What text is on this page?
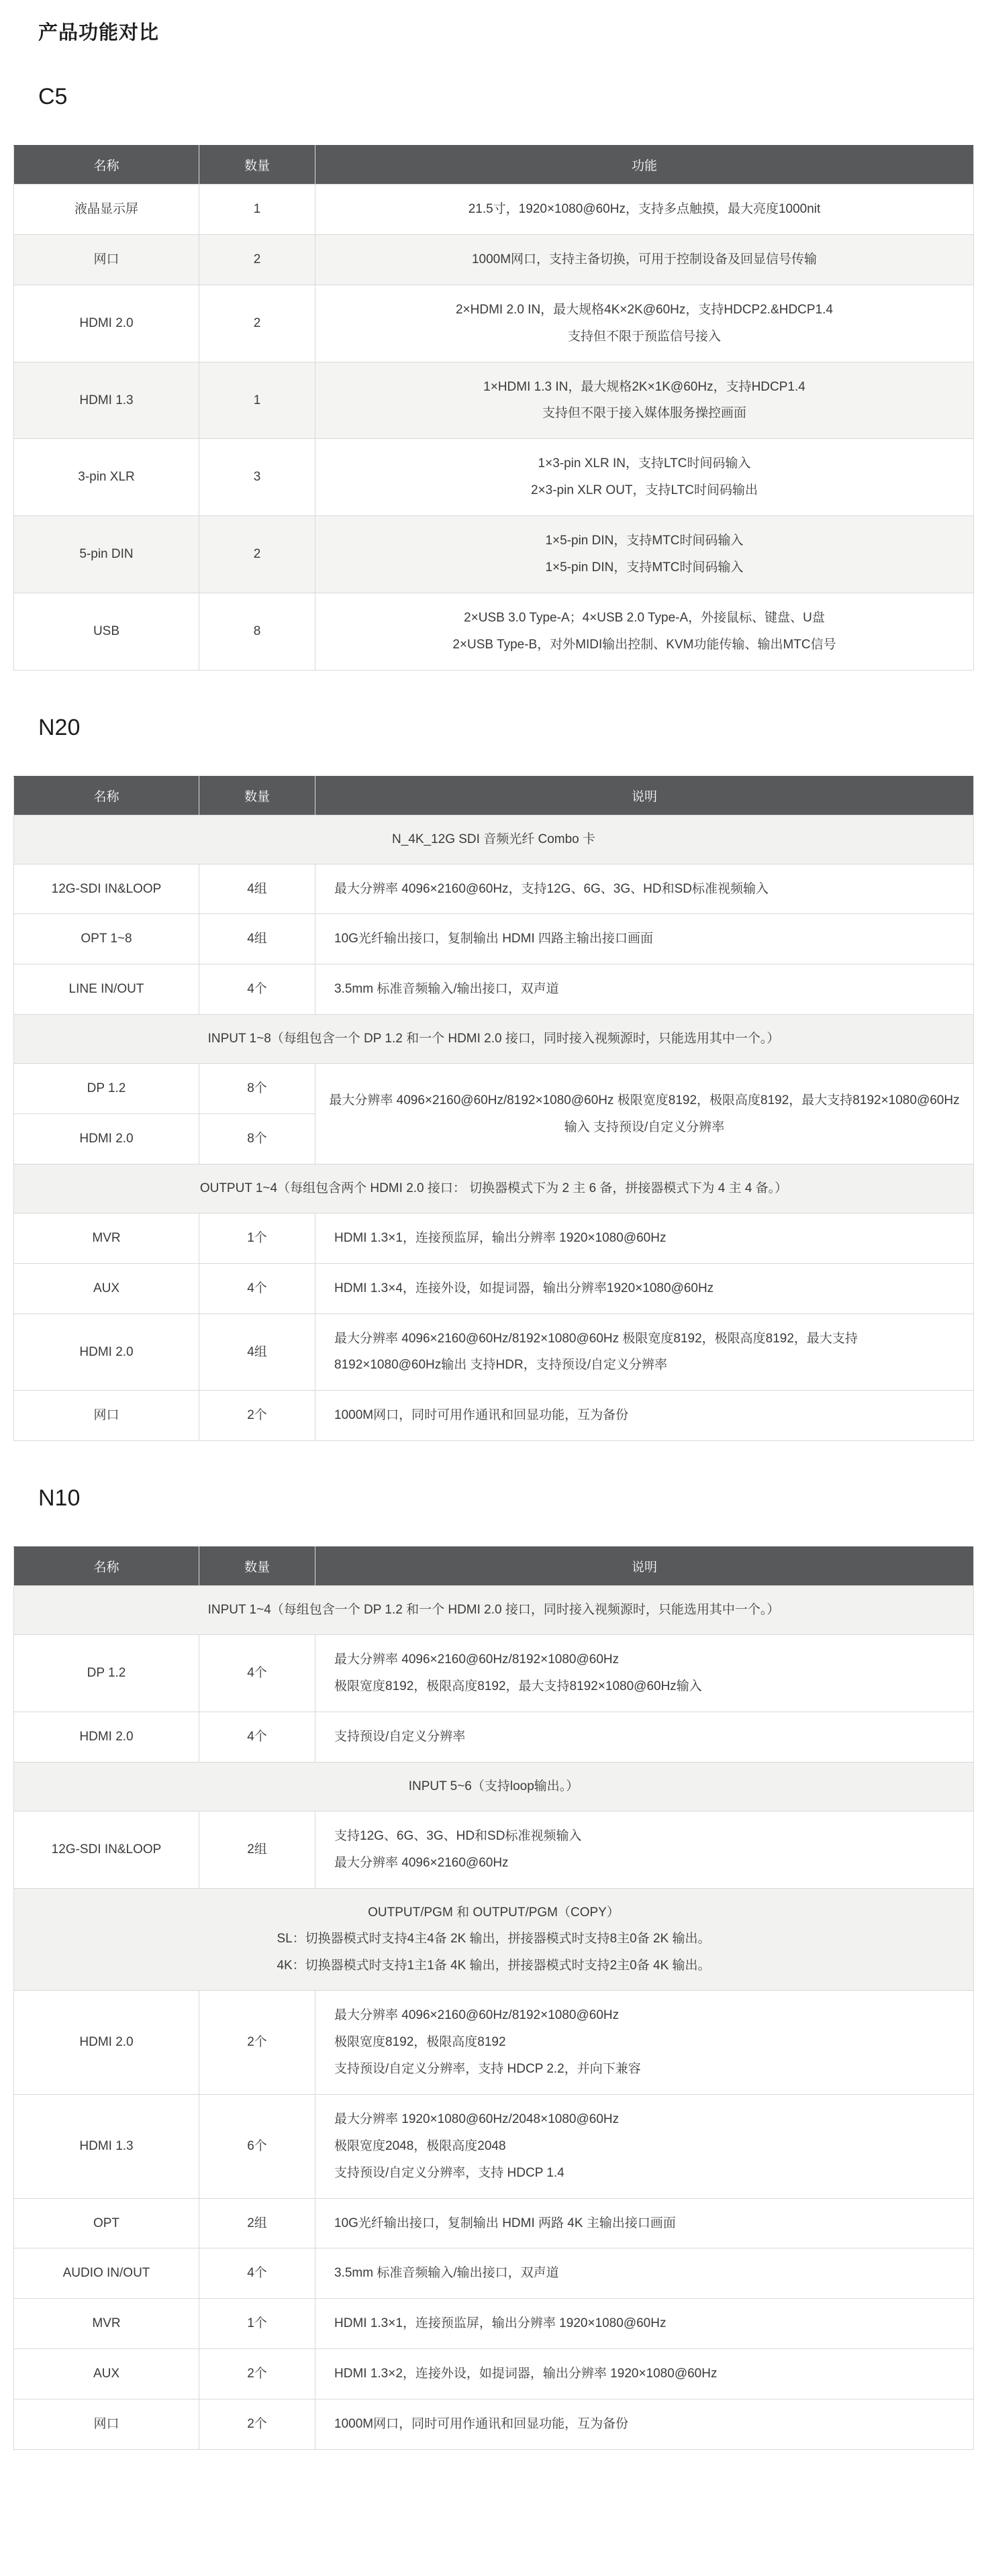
产品功能对比
C5
名称	数量	功能
液晶显示屏	1	21.5寸，1920×1080@60Hz，支持多点触摸，最大亮度1000nit

网口	2	1000M网口，支持主备切换，可用于控制设备及回显信号传输

HDMI 2.0	2	2×HDMI 2.0 IN，最大规格4K×2K@60Hz，支持HDCP2.&HDCP1.4
支持但不限于预监信号接入

HDMI 1.3	1	1×HDMI 1.3 IN，最大规格2K×1K@60Hz，支持HDCP1.4
支持但不限于接入媒体服务操控画面

3-pin XLR	3	1×3-pin XLR IN，支持LTC时间码输入
2×3-pin XLR OUT，支持LTC时间码输出

5-pin DIN	2	1×5-pin DIN，支持MTC时间码输入
1×5-pin DIN，支持MTC时间码输入

USB	8	2×USB 3.0 Type-A；4×USB 2.0 Type-A，外接鼠标、键盘、U盘
2×USB Type-B，对外MIDI输出控制、KVM功能传输、输出MTC信号
N20
名称	数量	说明

N_4K_12G SDI 音频光纤 Combo 卡		

12G-SDI IN&LOOP	4组	最大分辨率 4096×2160@60Hz，支持12G、6G、3G、HD和SD标准视频输入

OPT 1~8	4组	10G光纤输出接口，复制输出 HDMI 四路主输出接口画面

LINE IN/OUT	4个	3.5mm 标准音频输入/输出接口，双声道

INPUT 1~8（每组包含一个 DP 1.2 和一个 HDMI 2.0 接口，同时接入视频源时，只能选用其中一个。）		

DP 1.2	8个	最大分辨率 4096×2160@60Hz/8192×1080@60Hz 极限宽度8192，极限高度8192，最大支持8192×1080@60Hz输入 支持预设/自定义分辨率

HDMI 2.0	8个	

OUTPUT 1~4（每组包含两个 HDMI 2.0 接口： 切换器模式下为 2 主 6 备，拼接器模式下为 4 主 4 备。）		

MVR	1个	HDMI 1.3×1，连接预监屏，输出分辨率 1920×1080@60Hz

AUX	4个	HDMI 1.3×4，连接外设，如提词器，输出分辨率1920×1080@60Hz

HDMI 2.0	4组	最大分辨率 4096×2160@60Hz/8192×1080@60Hz 极限宽度8192，极限高度8192，最大支持8192×1080@60Hz输出 支持HDR，支持预设/自定义分辨率

网口	2个	1000M网口，同时可用作通讯和回显功能，互为备份
N10
名称	数量	说明

INPUT 1~4（每组包含一个 DP 1.2 和一个 HDMI 2.0 接口，同时接入视频源时，只能选用其中一个。）		

DP 1.2	4个	最大分辨率 4096×2160@60Hz/8192×1080@60Hz
极限宽度8192，极限高度8192，最大支持8192×1080@60Hz输入

HDMI 2.0	4个	支持预设/自定义分辨率

INPUT 5~6（支持loop输出。）		

12G-SDI IN&LOOP	2组	支持12G、6G、3G、HD和SD标准视频输入
最大分辨率 4096×2160@60Hz

OUTPUT/PGM 和 OUTPUT/PGM（COPY）
SL：切换器模式时支持4主4备 2K 输出，拼接器模式时支持8主0备 2K 输出。
4K：切换器模式时支持1主1备 4K 输出，拼接器模式时支持2主0备 4K 输出。		

HDMI 2.0	2个	最大分辨率 4096×2160@60Hz/8192×1080@60Hz
极限宽度8192，极限高度8192
支持预设/自定义分辨率，支持 HDCP 2.2，并向下兼容

HDMI 1.3	6个	最大分辨率 1920×1080@60Hz/2048×1080@60Hz
极限宽度2048，极限高度2048
支持预设/自定义分辨率，支持 HDCP 1.4

OPT	2组	10G光纤输出接口，复制输出 HDMI 两路 4K 主输出接口画面

AUDIO IN/OUT	4个	3.5mm 标准音频输入/输出接口，双声道

MVR	1个	HDMI 1.3×1，连接预监屏，输出分辨率 1920×1080@60Hz

AUX	2个	HDMI 1.3×2，连接外设，如提词器，输出分辨率 1920×1080@60Hz

网口	2个	1000M网口，同时可用作通讯和回显功能，互为备份
